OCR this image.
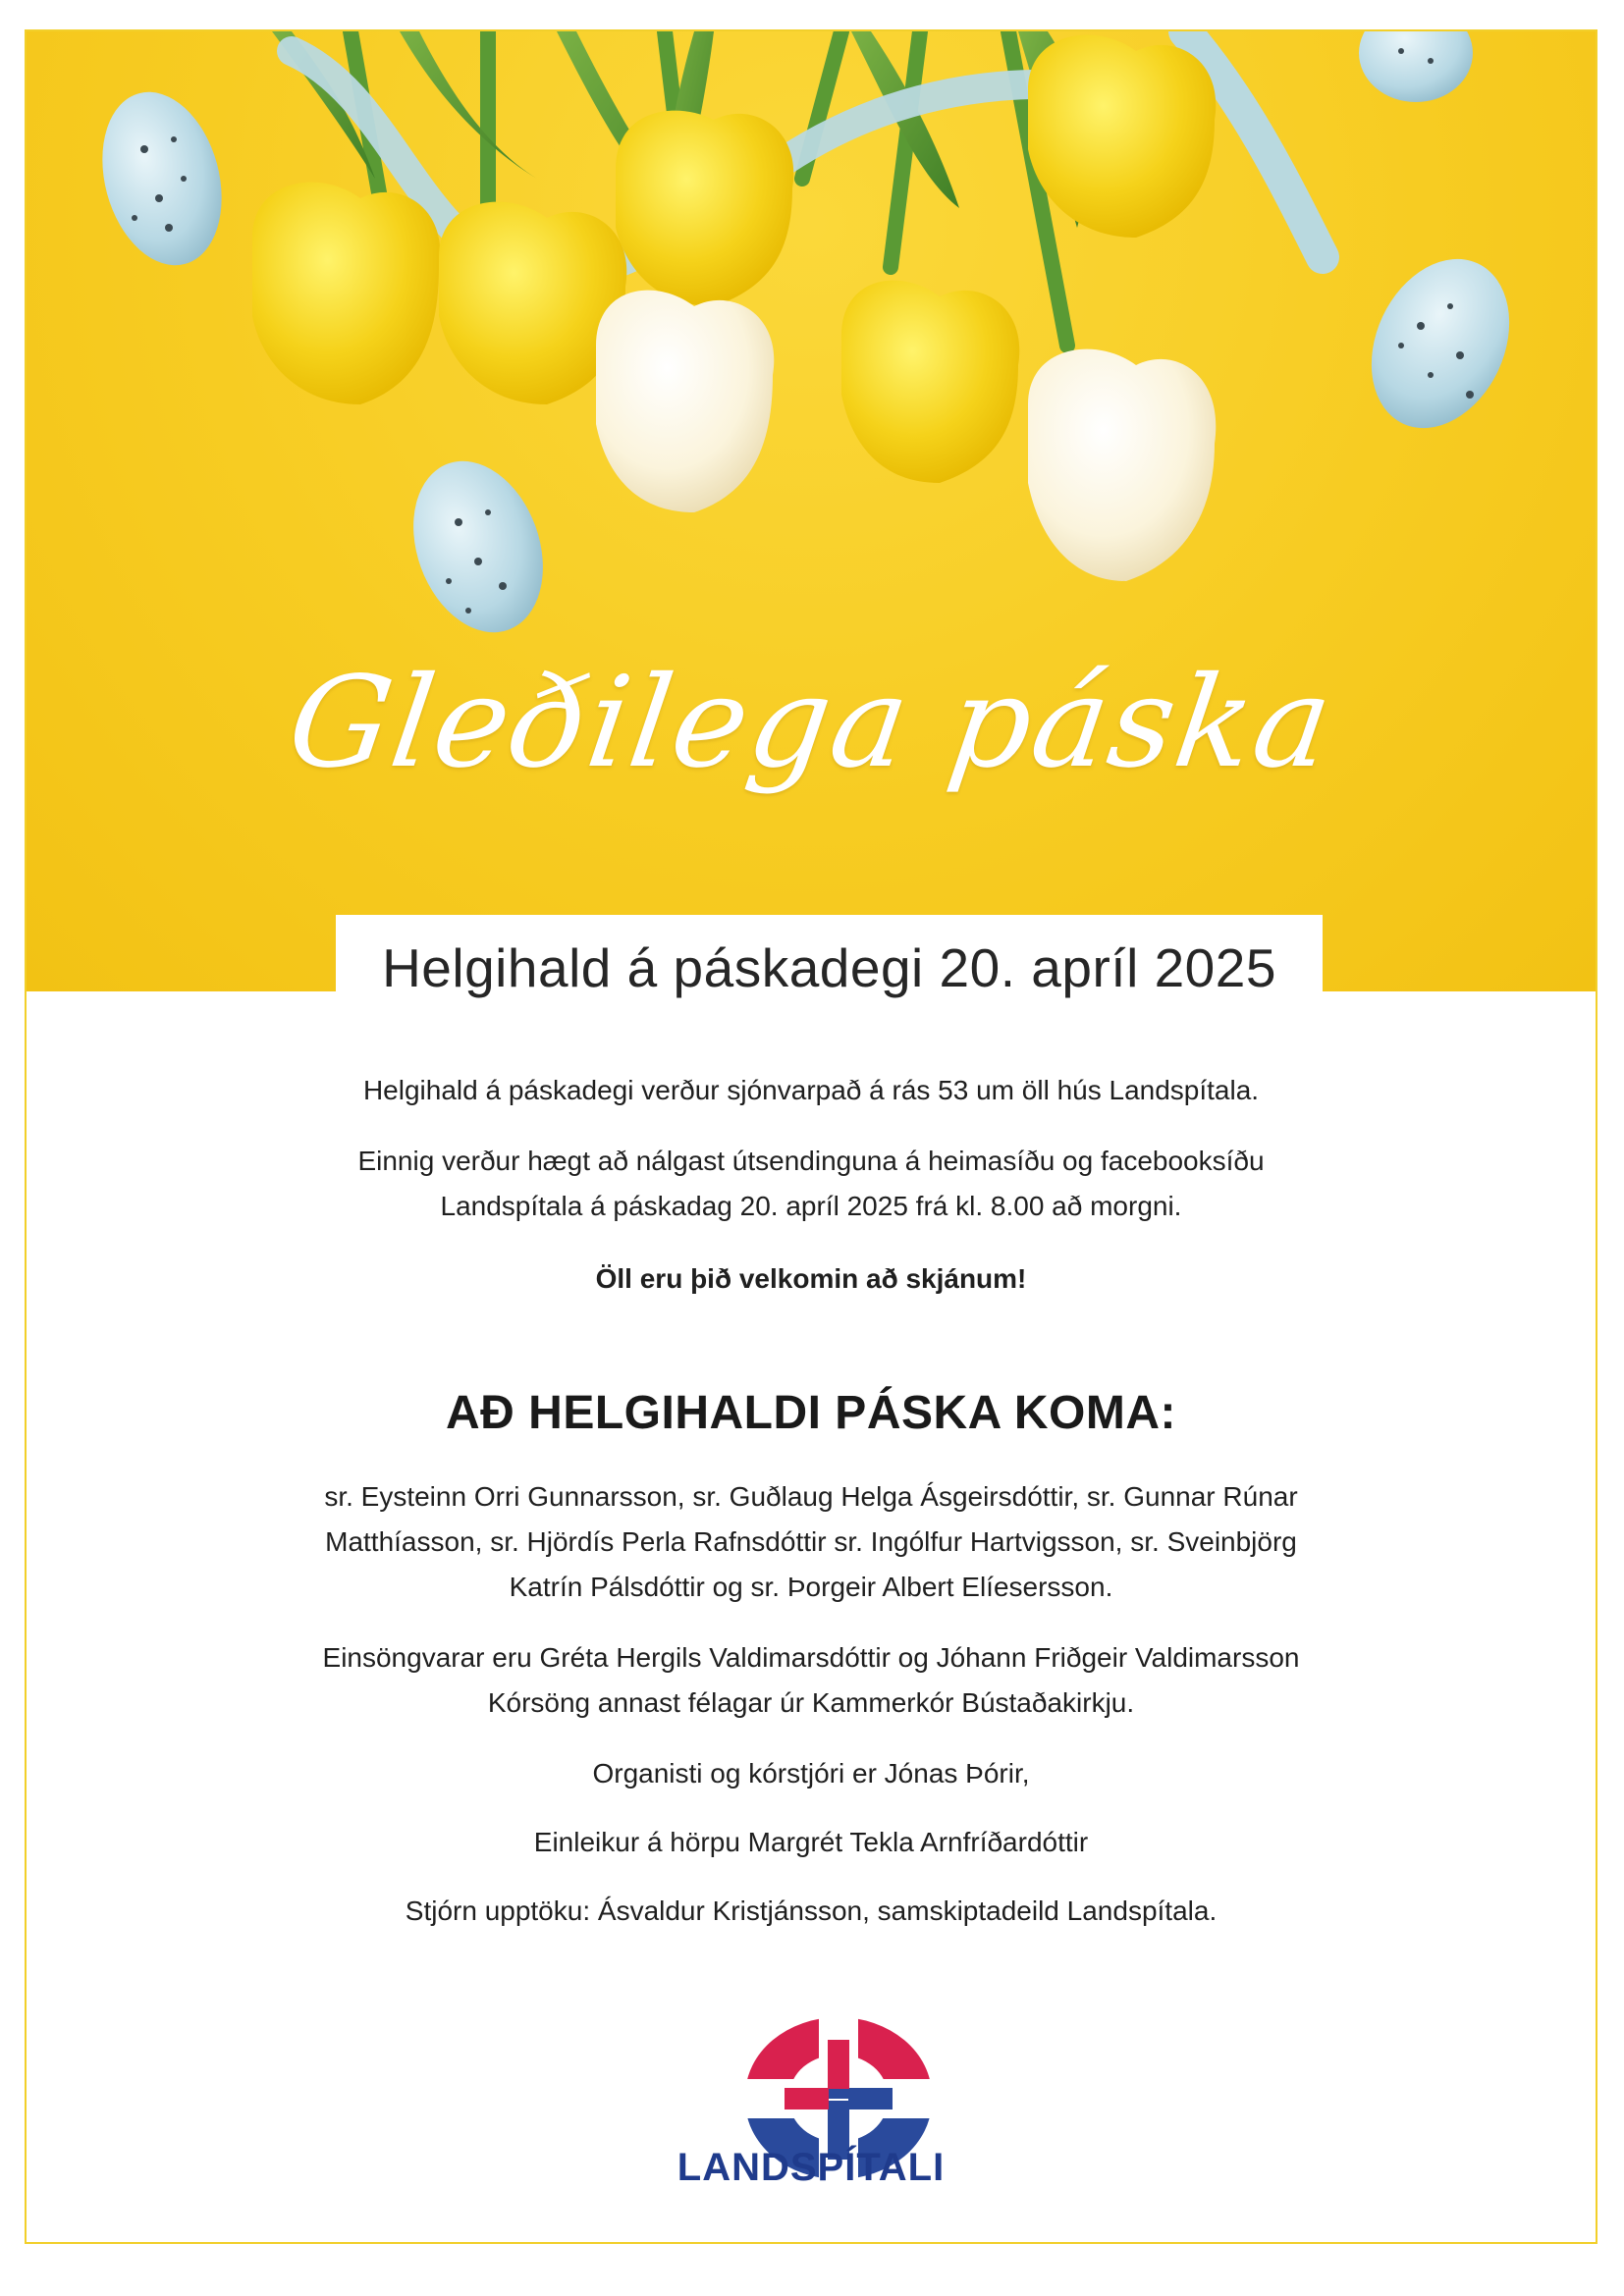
Gleðilega páska
Helgihald á páskadegi 20. apríl 2025

Helgihald á páskadegi verður sjónvarpað á rás 53 um öll hús Landspítala.

Einnig verður hægt að nálgast útsendinguna á heimasíðu og facebooksíðu

Landspítala á páskadag 20. apríl 2025 frá kl. 8.00 að morgni.

Öll eru þið velkomin að skjánum!

AÐ HELGIHALDI PÁSKA KOMA:

sr. Eysteinn Orri Gunnarsson, sr. Guðlaug Helga Ásgeirsdóttir, sr. Gunnar Rúnar

Matthíasson, sr. Hjördís Perla Rafnsdóttir sr. Ingólfur Hartvigsson, sr. Sveinbjörg

Katrín Pálsdóttir og sr. Þorgeir Albert Elíesersson.

Einsöngvarar eru Gréta Hergils Valdimarsdóttir og Jóhann Friðgeir Valdimarsson

Kórsöng annast félagar úr Kammerkór Bústaðakirkju.

Organisti og kórstjóri er Jónas Þórir,

Einleikur á hörpu Margrét Tekla Arnfríðardóttir

Stjórn upptöku: Ásvaldur Kristjánsson, samskiptadeild Landspítala.

LANDSPÍTALI
